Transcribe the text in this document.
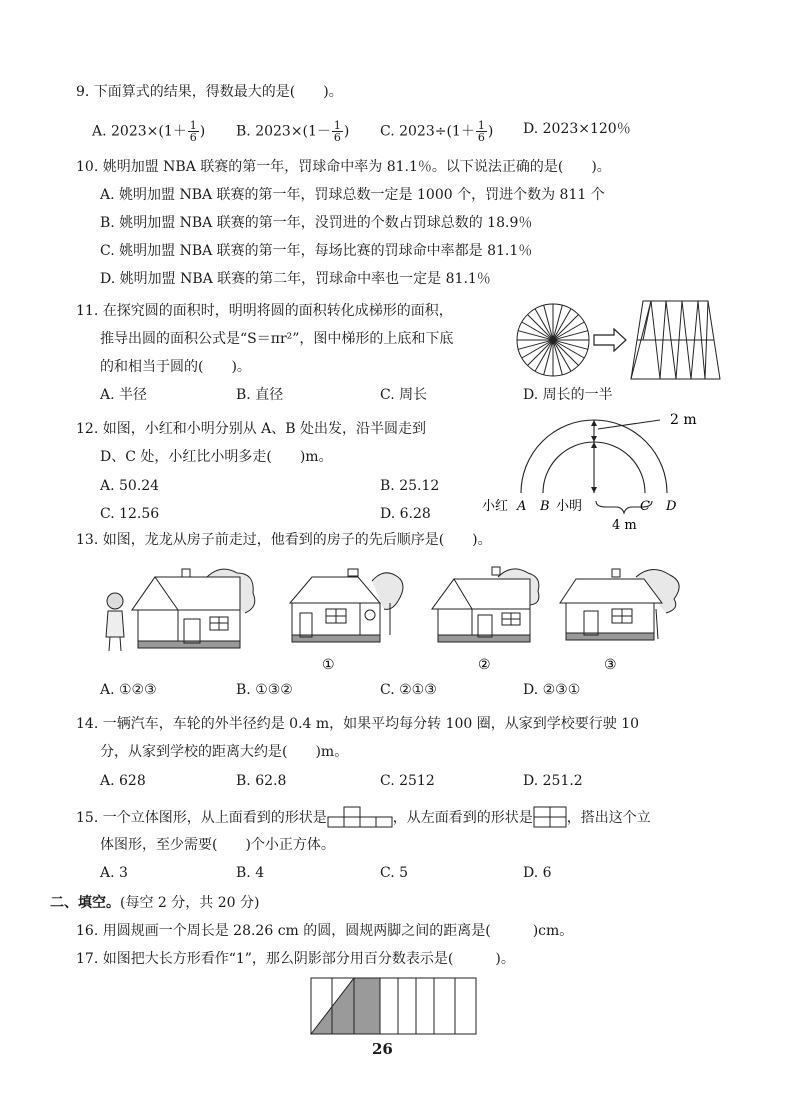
9. 下面算式的结果，得数最大的是(　　)。
A. $2023\times(1+ \frac{1}{6}$ ) B. $2023\times(1- \frac{1}{6}$ ) C. $2023\div(1+ \frac{1}{6}$ ) D. 2023×120％
10. 姚明加盟 NBA 联赛的第一年，罚球命中率为 81.1％。以下说法正确的是(　　)。
A. 姚明加盟 NBA 联赛的第一年，罚球总数一定是 1000 个，罚进个数为 811 个
B. 姚明加盟 NBA 联赛的第一年，没罚进的个数占罚球总数的 18.9％
C. 姚明加盟 NBA 联赛的第一年，每场比赛的罚球命中率都是 81.1％
D. 姚明加盟 NBA 联赛的第二年，罚球命中率也一定是 81.1％
11. 在探究圆的面积时，明明将圆的面积转化成梯形的面积，
推导出圆的面积公式是“S＝πr²”，图中梯形的上底和下底
的和相当于圆的(　　)。
A. 半径	B. 直径	C. 周长	D. 周长的一半
12. 如图，小红和小明分别从 A、B 处出发，沿半圆走到
D、C 处，小红比小明多走(　　)m。
A. 50.24	B. 25.12
C. 12.56	D. 6.28
2 m
小红 A B 小明	C D
4 m
13. 如图，龙龙从房子前走过，他看到的房子的先后顺序是(　　)。
①	②	③
A. ①②③	B. ①③②	C. ②①③	D. ②③①
14. 一辆汽车，车轮的外半径约是 0.4 m，如果平均每分转 100 圈，从家到学校要行驶 10
分，从家到学校的距离大约是(　　)m。
A. 628	B. 62.8	C. 2512	D. 251.2
15. 一个立体图形，从上面看到的形状是	，从左面看到的形状是 ，搭出这个立
体图形，至少需要(　　)个小正方体。
A. 3	B. 4	C. 5	D. 6
二、填空。(每空 2 分，共 20 分)
16. 用圆规画一个周长是 28.26 cm 的圆，圆规两脚之间的距离是(　　　)cm。
17. 如图把大长方形看作“1”，那么阴影部分用百分数表示是(　　　)。
26
